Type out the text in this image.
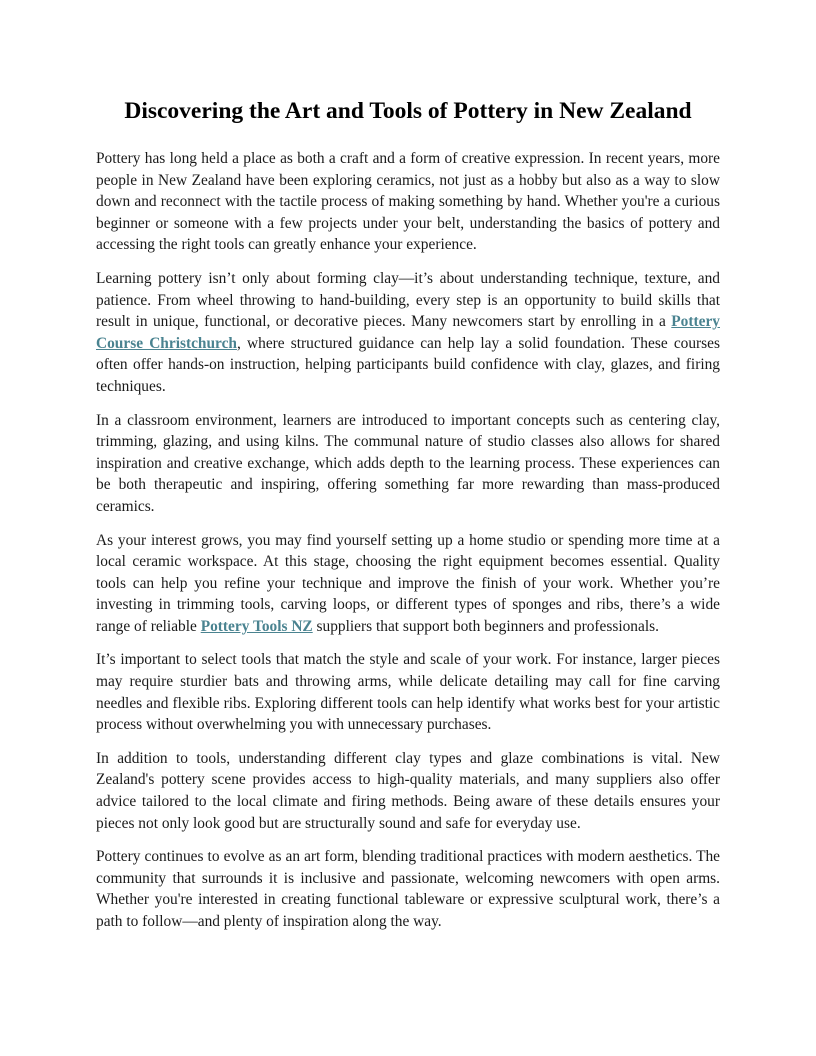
Discovering the Art and Tools of Pottery in New Zealand

Pottery has long held a place as both a craft and a form of creative expression. In recent years, more people in New Zealand have been exploring ceramics, not just as a hobby but also as a way to slow down and reconnect with the tactile process of making something by hand. Whether you're a curious beginner or someone with a few projects under your belt, understanding the basics of pottery and accessing the right tools can greatly enhance your experience.

Learning pottery isn’t only about forming clay—it’s about understanding technique, texture, and patience. From wheel throwing to hand-building, every step is an opportunity to build skills that result in unique, functional, or decorative pieces. Many newcomers start by enrolling in a Pottery Course Christchurch, where structured guidance can help lay a solid foundation. These courses often offer hands-on instruction, helping participants build confidence with clay, glazes, and firing techniques.

In a classroom environment, learners are introduced to important concepts such as centering clay, trimming, glazing, and using kilns. The communal nature of studio classes also allows for shared inspiration and creative exchange, which adds depth to the learning process. These experiences can be both therapeutic and inspiring, offering something far more rewarding than mass-produced ceramics.

As your interest grows, you may find yourself setting up a home studio or spending more time at a local ceramic workspace. At this stage, choosing the right equipment becomes essential. Quality tools can help you refine your technique and improve the finish of your work. Whether you’re investing in trimming tools, carving loops, or different types of sponges and ribs, there’s a wide range of reliable Pottery Tools NZ suppliers that support both beginners and professionals.

It’s important to select tools that match the style and scale of your work. For instance, larger pieces may require sturdier bats and throwing arms, while delicate detailing may call for fine carving needles and flexible ribs. Exploring different tools can help identify what works best for your artistic process without overwhelming you with unnecessary purchases.

In addition to tools, understanding different clay types and glaze combinations is vital. New Zealand's pottery scene provides access to high-quality materials, and many suppliers also offer advice tailored to the local climate and firing methods. Being aware of these details ensures your pieces not only look good but are structurally sound and safe for everyday use.

Pottery continues to evolve as an art form, blending traditional practices with modern aesthetics. The community that surrounds it is inclusive and passionate, welcoming newcomers with open arms. Whether you're interested in creating functional tableware or expressive sculptural work, there’s a path to follow—and plenty of inspiration along the way.
